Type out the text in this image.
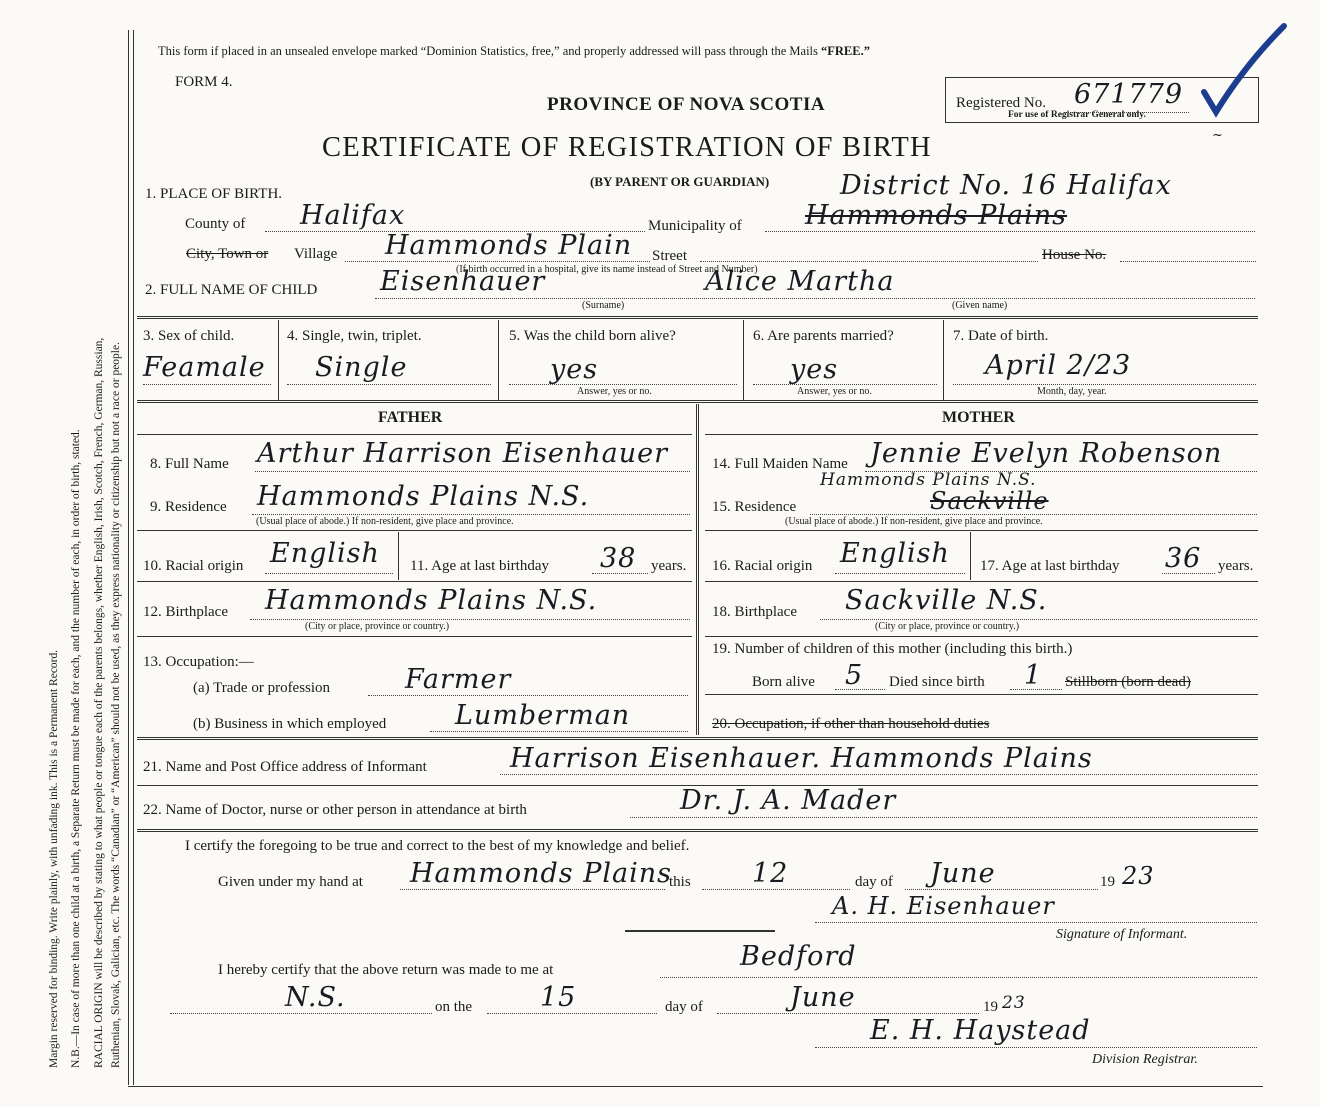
Margin reserved for binding. Write plainly, with unfading ink. This is a Permanent Record. N.B.—In case of more than one child at a birth, a Separate Return must be made for each, and the number of each, in order of birth, stated. RACIAL ORIGIN will be described by stating to what people or tongue each of the parents belongs, whether English, Irish, Scotch, French, German, Russian, Ruthenian, Slovak, Galician, etc. The words “Canadian” or “American” should not be used, as they express nationality or citizenship but not a race or people.
This form if placed in an unsealed envelope marked “Dominion Statistics, free,” and properly addressed will pass through the Mails “FREE.”
FORM 4.
PROVINCE OF NOVA SCOTIA	Registered No. 671779
For use of Registrar General only.
~
CERTIFICATE OF REGISTRATION OF BIRTH
(BY PARENT OR GUARDIAN)
1. PLACE OF BIRTH.	District No. 16 Halifax
County of Halifax	Municipality of Hammonds Plains
City, Town or Village Hammonds Plain Street	House No.
(If birth occurred in a hospital, give its name instead of Street and Number)
2. FULL NAME OF CHILD Eisenhauer	Alice Martha
(Surname)	(Given name)
3. Sex of child.
Feamale
4. Single, twin, triplet.
Single
5. Was the child born alive?
yes
Answer, yes or no.
6. Are parents married?
yes
Answer, yes or no.
7. Date of birth.
April 2/23
Month, day, year.
FATHER	MOTHER
8. Full Name Arthur Harrison Eisenhauer	14. Full Maiden Name Jennie Evelyn Robenson
9. Residence Hammonds Plains N.S.
(Usual place of abode.) If non-resident, give place and province.
15. Residence
Hammonds Plains N.S.
Sackville
(Usual place of abode.) If non-resident, give place and province.
10. Racial origin English 11. Age at last birthday 38 years. 16. Racial origin English 17. Age at last birthday 36 years.
12. Birthplace Hammonds Plains N.S.
(City or place, province or country.)
18. Birthplace Sackville N.S.
(City or place, province or country.)
13. Occupation:—
(a) Trade or profession	Farmer
(b) Business in which employed	Lumberman
19. Number of children of this mother (including this birth.)
Born alive 5 Died since birth 1 Stillborn (born dead)
20. Occupation, if other than household duties
21. Name and Post Office address of Informant	Harrison Eisenhauer. Hammonds Plains
22. Name of Doctor, nurse or other person in attendance at birth	Dr. J. A. Mader
I certify the foregoing to be true and correct to the best of my knowledge and belief.
Given under my hand at Hammonds Plains
this 12	day of June	19 23
A. H. Eisenhauer
Signature of Informant.
I hereby certify that the above return was made to me at	Bedford
N.S.	on the	15	day of	June	19 23
E. H. Haystead
Division Registrar.
